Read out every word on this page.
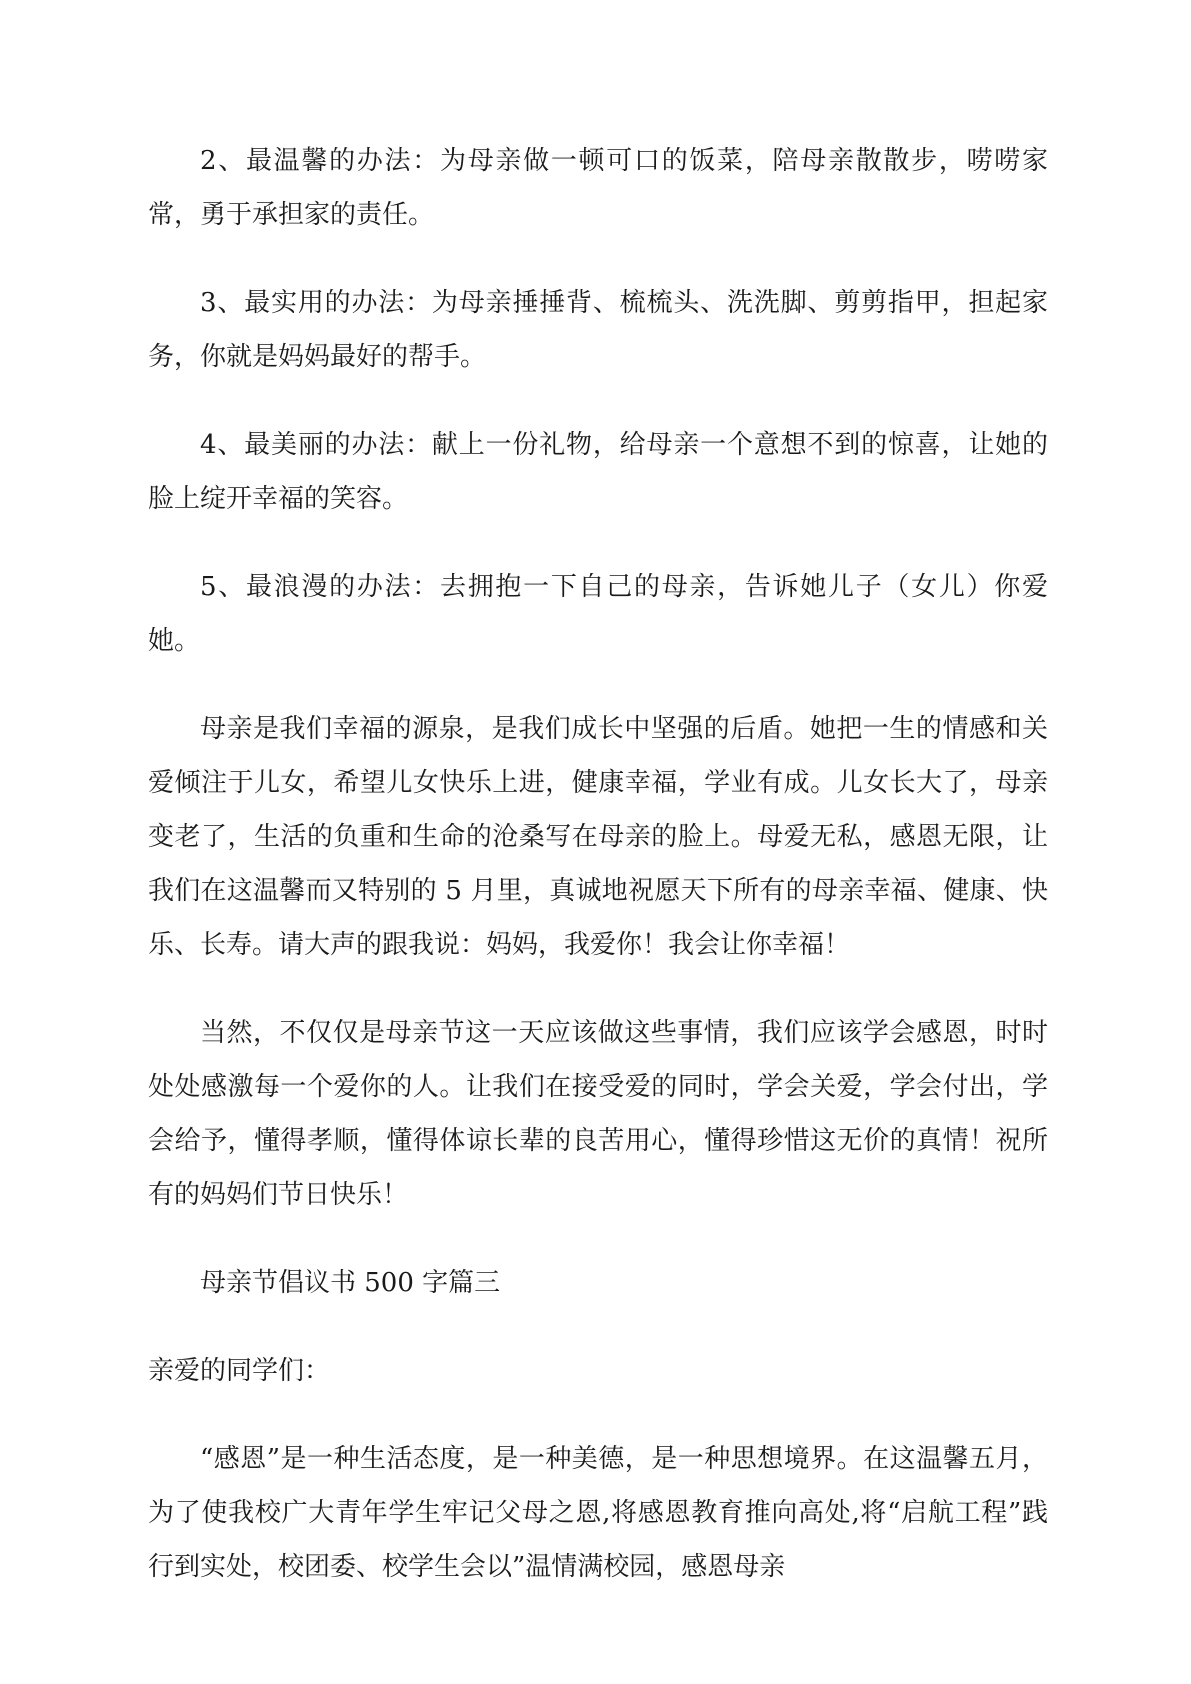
2、最温馨的办法：为母亲做一顿可口的饭菜，陪母亲散散步，唠唠家常，勇于承担家的责任。

3、最实用的办法：为母亲捶捶背、梳梳头、洗洗脚、剪剪指甲，担起家务，你就是妈妈最好的帮手。

4、最美丽的办法：献上一份礼物，给母亲一个意想不到的惊喜，让她的脸上绽开幸福的笑容。

5、最浪漫的办法：去拥抱一下自己的母亲，告诉她儿子（女儿）你爱她。

母亲是我们幸福的源泉，是我们成长中坚强的后盾。她把一生的情感和关爱倾注于儿女，希望儿女快乐上进，健康幸福，学业有成。儿女长大了，母亲变老了，生活的负重和生命的沧桑写在母亲的脸上。母爱无私，感恩无限，让我们在这温馨而又特别的 5 月里，真诚地祝愿天下所有的母亲幸福、健康、快乐、长寿。请大声的跟我说：妈妈，我爱你！我会让你幸福！

当然，不仅仅是母亲节这一天应该做这些事情，我们应该学会感恩，时时处处感激每一个爱你的人。让我们在接受爱的同时，学会关爱，学会付出，学会给予，懂得孝顺，懂得体谅长辈的良苦用心，懂得珍惜这无价的真情！祝所有的妈妈们节日快乐！

母亲节倡议书 500 字篇三

亲爱的同学们：

“感恩”是一种生活态度，是一种美德，是一种思想境界。在这温馨五月，为了使我校广大青年学生牢记父母之恩,将感恩教育推向高处,将“启航工程”践行到实处，校团委、校学生会以”温情满校园，感恩母亲
